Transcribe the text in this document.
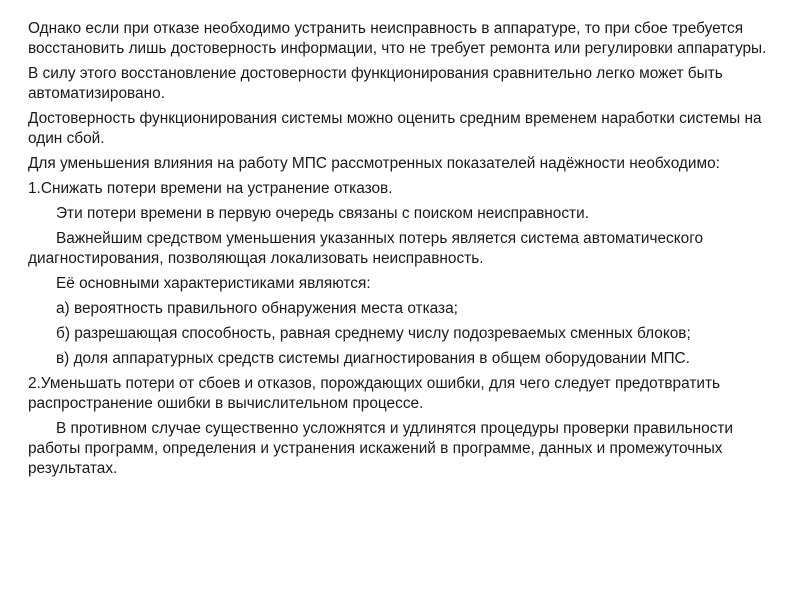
Однако если при отказе необходимо устранить неисправность в аппаратуре, то при сбое требуется восстановить лишь достоверность информации, что не требует ремонта или регулировки аппаратуры.

В силу этого восстановление достоверности функционирования сравнительно легко может быть автоматизировано.

Достоверность функционирования системы можно оценить средним временем наработки системы на один сбой.

Для уменьшения влияния на работу МПС рассмотренных показателей надёжности необходимо:

1.Снижать потери времени на устранение отказов.

Эти потери времени в первую очередь связаны с поиском неисправности.

Важнейшим средством уменьшения указанных потерь является система автоматического диагностирования, позволяющая локализовать неисправность.

Её основными характеристиками являются:

а) вероятность правильного обнаружения места отказа;

б) разрешающая способность, равная среднему числу подозреваемых сменных блоков;

в) доля аппаратурных средств системы диагностирования в общем оборудовании МПС.

2.Уменьшать потери от сбоев и отказов, порождающих ошибки, для чего следует предотвратить распространение ошибки в вычислительном процессе.

В противном случае существенно усложнятся и удлинятся процедуры проверки правильности работы программ, определения и устранения искажений в программе, данных и промежуточных результатах.
